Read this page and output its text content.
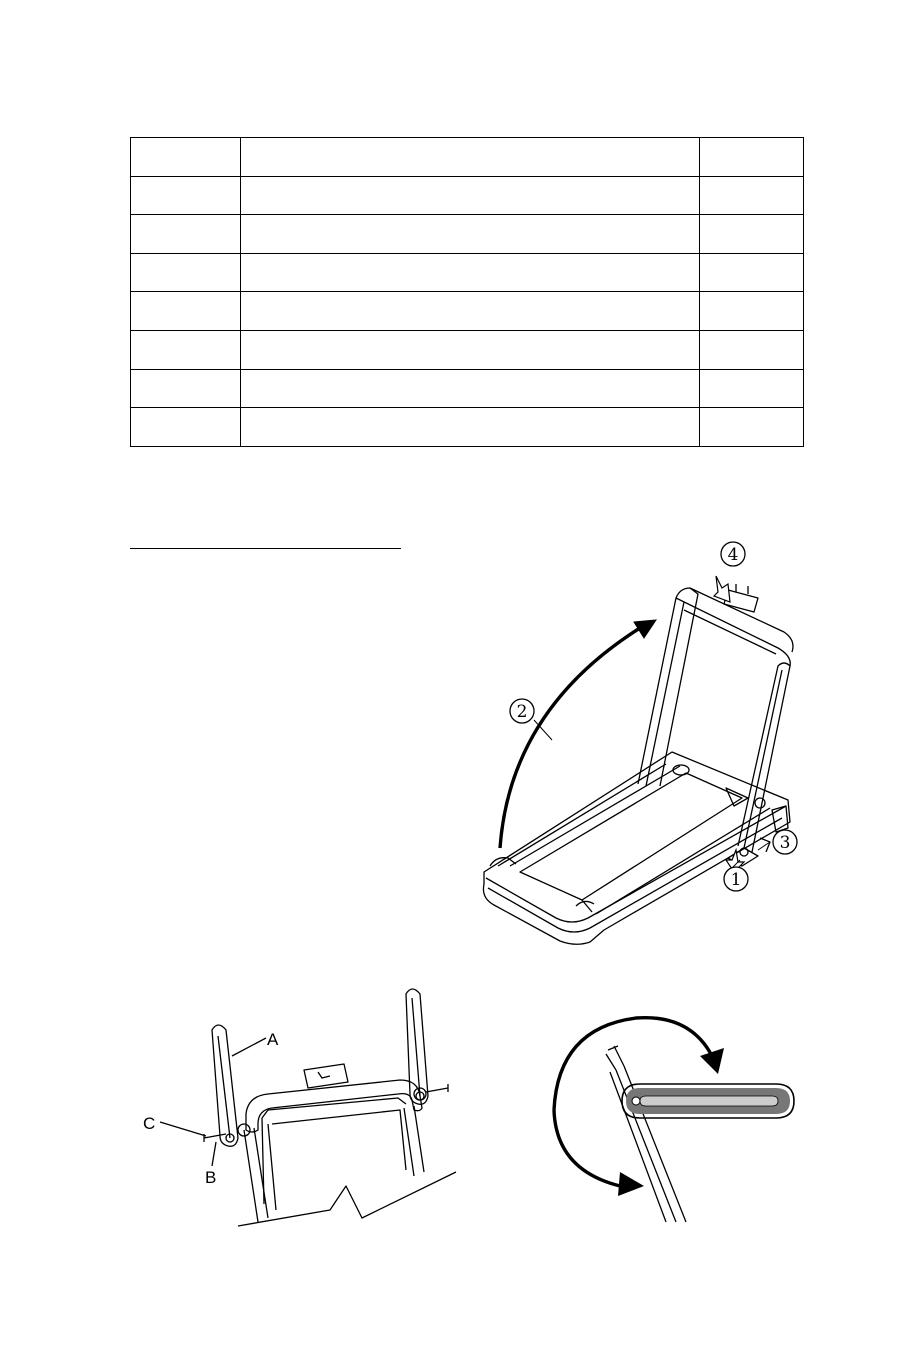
4
2
3
1
A
C
B
